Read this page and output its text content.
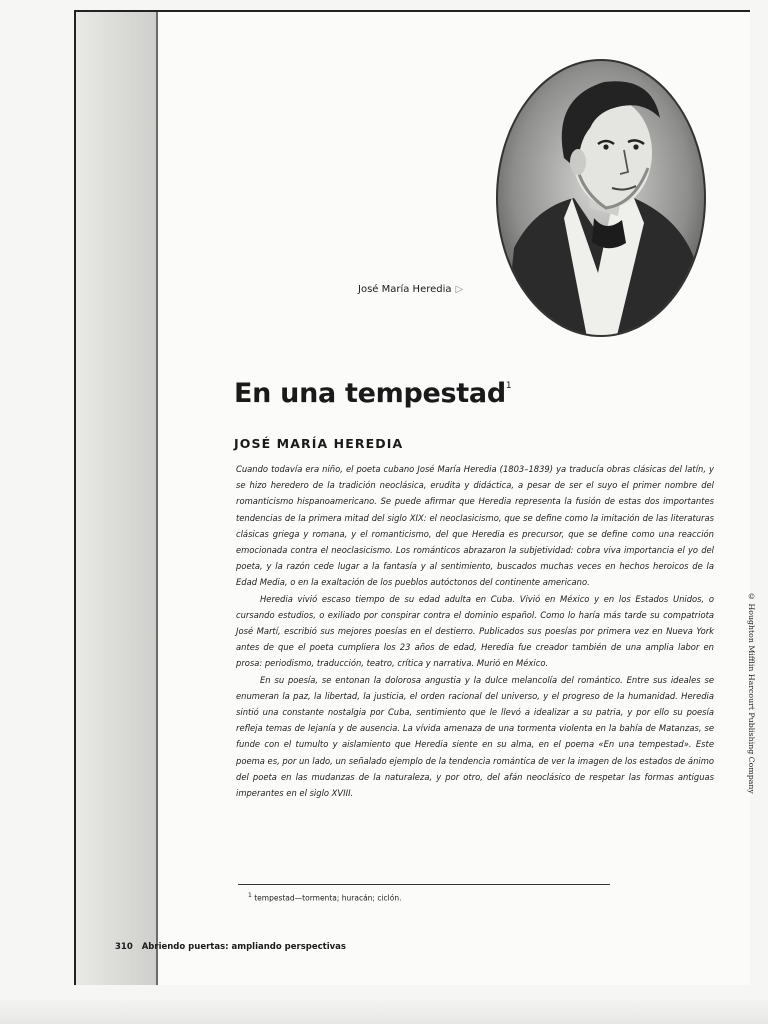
José María Heredia ▷
En una tempestad$^1$
JOSÉ MARÍA HEREDIA

Cuando todavía era niño, el poeta cubano José María Heredia (1803–1839) ya traducía obras clásicas del latín, y se hizo heredero de la tradición neoclásica, erudita y didáctica, a pesar de ser el suyo el primer nombre del romanticismo hispanoamericano. Se puede afirmar que Heredia representa la fusión de estas dos importantes tendencias de la primera mitad del siglo XIX: el neoclasicismo, que se define como la imitación de las literaturas clásicas griega y romana, y el romanticismo, del que Heredia es precursor, que se define como una reacción emocionada contra el neoclasicismo. Los románticos abrazaron la subjetividad: cobra viva importancia el yo del poeta, y la razón cede lugar a la fantasía y al sentimiento, buscados muchas veces en hechos heroicos de la Edad Media, o en la exaltación de los pueblos autóctonos del continente americano.

Heredia vivió escaso tiempo de su edad adulta en Cuba. Vivió en México y en los Estados Unidos, o cursando estudios, o exiliado por conspirar contra el dominio español. Como lo haría más tarde su compatriota José Martí, escribió sus mejores poesías en el destierro. Publicados sus poesías por primera vez en Nueva York antes de que el poeta cumpliera los 23 años de edad, Heredia fue creador también de una amplia labor en prosa: periodismo, traducción, teatro, crítica y narrativa. Murió en México.

En su poesía, se entonan la dolorosa angustia y la dulce melancolía del romántico. Entre sus ideales se enumeran la paz, la libertad, la justicia, el orden racional del universo, y el progreso de la humanidad. Heredia sintió una constante nostalgia por Cuba, sentimiento que le llevó a idealizar a su patria, y por ello su poesía refleja temas de lejanía y de ausencia. La vívida amenaza de una tormenta violenta en la bahía de Matanzas, se funde con el tumulto y aislamiento que Heredia siente en su alma, en el poema «En una tempestad». Este poema es, por un lado, un señalado ejemplo de la tendencia romántica de ver la imagen de los estados de ánimo del poeta en las mudanzas de la naturaleza, y por otro, del afán neoclásico de respetar las formas antiguas imperantes en el siglo XVIII.

$^1$ tempestad—tormenta; huracán; ciclón.
310 Abriendo puertas: ampliando perspectivas
© Houghton Mifflin Harcourt Publishing Company
